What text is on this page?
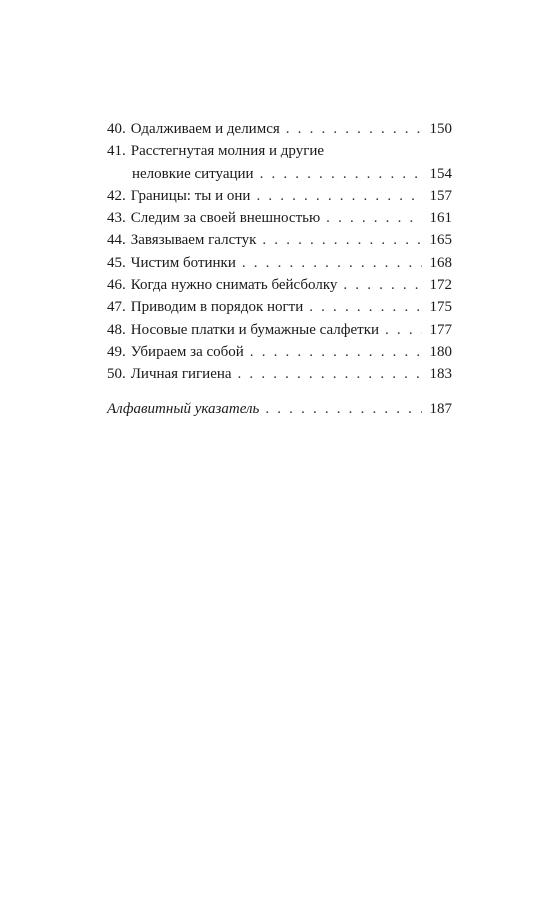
40. Одалживаем и делимся . . .	150
41. Расстегнутая молния и другие
неловкие ситуации . . .	154
42. Границы: ты и они . . .	157
43. Следим за своей внешностью . . .	161
44. Завязываем галстук . . .	165
45. Чистим ботинки . . .	168
46. Когда нужно снимать бейсболку . . .	172
47. Приводим в порядок ногти . . .	175
48. Носовые платки и бумажные салфетки . . .	177
49. Убираем за собой . . .	180
50. Личная гигиена . . .	183
Алфавитный указатель . . .	187
